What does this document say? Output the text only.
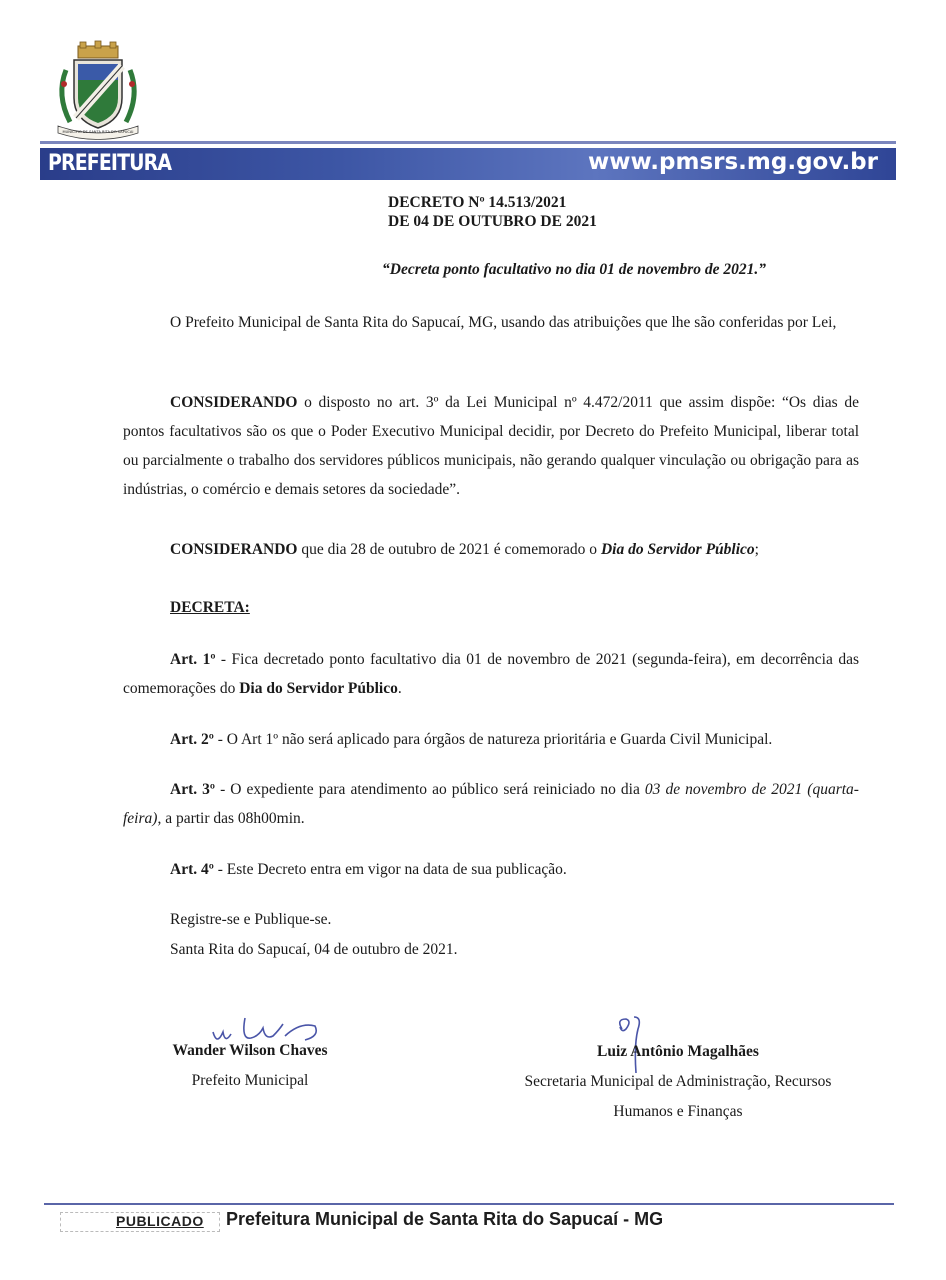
MUNICIPIO DE SANTA RITA DO SAPUCAI
PREFEITURA	www.pmsrs.mg.gov.br
DECRETO Nº 14.513/2021
DE 04 DE OUTUBRO DE 2021
“Decreta ponto facultativo no dia 01 de novembro de 2021.”
O Prefeito Municipal de Santa Rita do Sapucaí, MG, usando das atribuições que lhe são conferidas por Lei,
CONSIDERANDO o disposto no art. 3º da Lei Municipal nº 4.472/2011 que assim dispõe: “Os dias de pontos facultativos são os que o Poder Executivo Municipal decidir, por Decreto do Prefeito Municipal, liberar total ou parcialmente o trabalho dos servidores públicos municipais, não gerando qualquer vinculação ou obrigação para as indústrias, o comércio e demais setores da sociedade”.
CONSIDERANDO que dia 28 de outubro de 2021 é comemorado o Dia do Servidor Público;
DECRETA:
Art. 1º - Fica decretado ponto facultativo dia 01 de novembro de 2021 (segunda-feira), em decorrência das comemorações do Dia do Servidor Público.
Art. 2º - O Art 1º não será aplicado para órgãos de natureza prioritária e Guarda Civil Municipal.
Art. 3º - O expediente para atendimento ao público será reiniciado no dia 03 de novembro de 2021 (quarta-feira), a partir das 08h00min.
Art. 4º - Este Decreto entra em vigor na data de sua publicação.
Registre-se e Publique-se.
Santa Rita do Sapucaí, 04 de outubro de 2021.
Wander Wilson Chaves
Prefeito Municipal
Luiz Antônio Magalhães
Secretaria Municipal de Administração, Recursos Humanos e Finanças
PUBLICADO Prefeitura Municipal de Santa Rita do Sapucaí - MG
